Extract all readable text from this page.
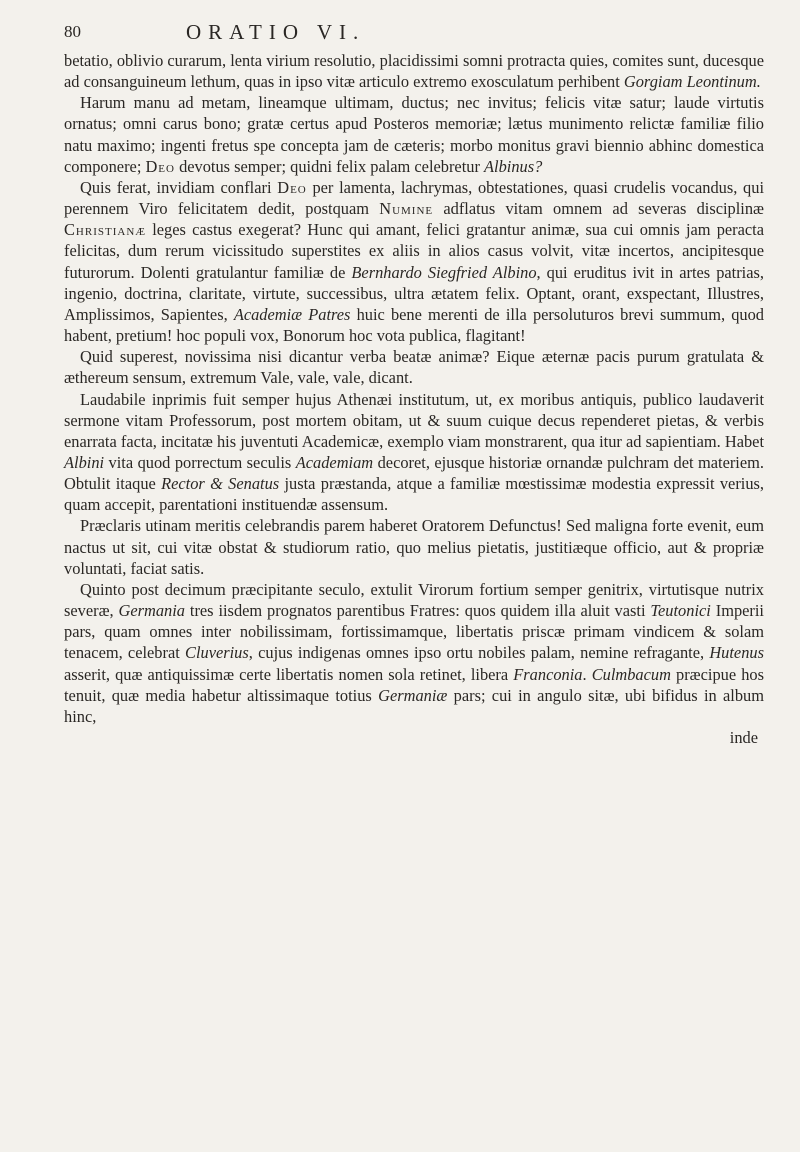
80	ORATIO VI.

betatio, oblivio curarum, lenta virium resolutio, placidissimi somni protracta quies, comites sunt, ducesque ad consanguineum lethum, quas in ipso vitæ articulo extremo exosculatum perhibent Gorgiam Leontinum.

Harum manu ad metam, lineamque ultimam, ductus; nec invitus; felicis vitæ satur; laude virtutis ornatus; omni carus bono; gratæ certus apud Posteros memoriæ; lætus munimento relictæ familiæ filio natu maximo; ingenti fretus spe concepta jam de cæteris; morbo monitus gravi biennio abhinc domestica componere; Deo devotus semper; quidni felix palam celebretur Albinus?

Quis ferat, invidiam conflari Deo per lamenta, lachrymas, obtestationes, quasi crudelis vocandus, qui perennem Viro felicitatem dedit, postquam Numine adflatus vitam omnem ad severas disciplinæ Christianæ leges castus exegerat? Hunc qui amant, felici gratantur animæ, sua cui omnis jam peracta felicitas, dum rerum vicissitudo superstites ex aliis in alios casus volvit, vitæ incertos, ancipitesque futurorum. Dolenti gratulantur familiæ de Bernhardo Siegfried Albino, qui eruditus ivit in artes patrias, ingenio, doctrina, claritate, virtute, successibus, ultra ætatem felix. Optant, orant, exspectant, Illustres, Amplissimos, Sapientes, Academiæ Patres huic bene merenti de illa persoluturos brevi summum, quod habent, pretium! hoc populi vox, Bonorum hoc vota publica, flagitant!

Quid superest, novissima nisi dicantur verba beatæ animæ? Eique æternæ pacis purum gratulata & æthereum sensum, extremum Vale, vale, vale, dicant.

Laudabile inprimis fuit semper hujus Athenæi institutum, ut, ex moribus antiquis, publico laudaverit sermone vitam Professorum, post mortem obitam, ut & suum cuique decus rependeret pietas, & verbis enarrata facta, incitatæ his juventuti Academicæ, exemplo viam monstrarent, qua itur ad sapientiam. Habet Albini vita quod porrectum seculis Academiam decoret, ejusque historiæ ornandæ pulchram det materiem. Obtulit itaque Rector & Senatus justa præstanda, atque a familiæ mœstissimæ modestia expressit verius, quam accepit, parentationi instituendæ assensum.

Præclaris utinam meritis celebrandis parem haberet Oratorem Defunctus! Sed maligna forte evenit, eum nactus ut sit, cui vitæ obstat & studiorum ratio, quo melius pietatis, justitiæque officio, aut & propriæ voluntati, faciat satis.

Quinto post decimum præcipitante seculo, extulit Virorum fortium semper genitrix, virtutisque nutrix severæ, Germania tres iisdem prognatos parentibus Fratres: quos quidem illa aluit vasti Teutonici Imperii pars, quam omnes inter nobilissimam, fortissimamque, libertatis priscæ primam vindicem & solam tenacem, celebrat Cluverius, cujus indigenas omnes ipso ortu nobiles palam, nemine refragante, Hutenus asserit, quæ antiquissimæ certe libertatis nomen sola retinet, libera Franconia. Culmbacum præcipue hos tenuit, quæ media habetur altissimaque totius Germaniæ pars; cui in angulo sitæ, ubi bifidus in album hinc,

inde
